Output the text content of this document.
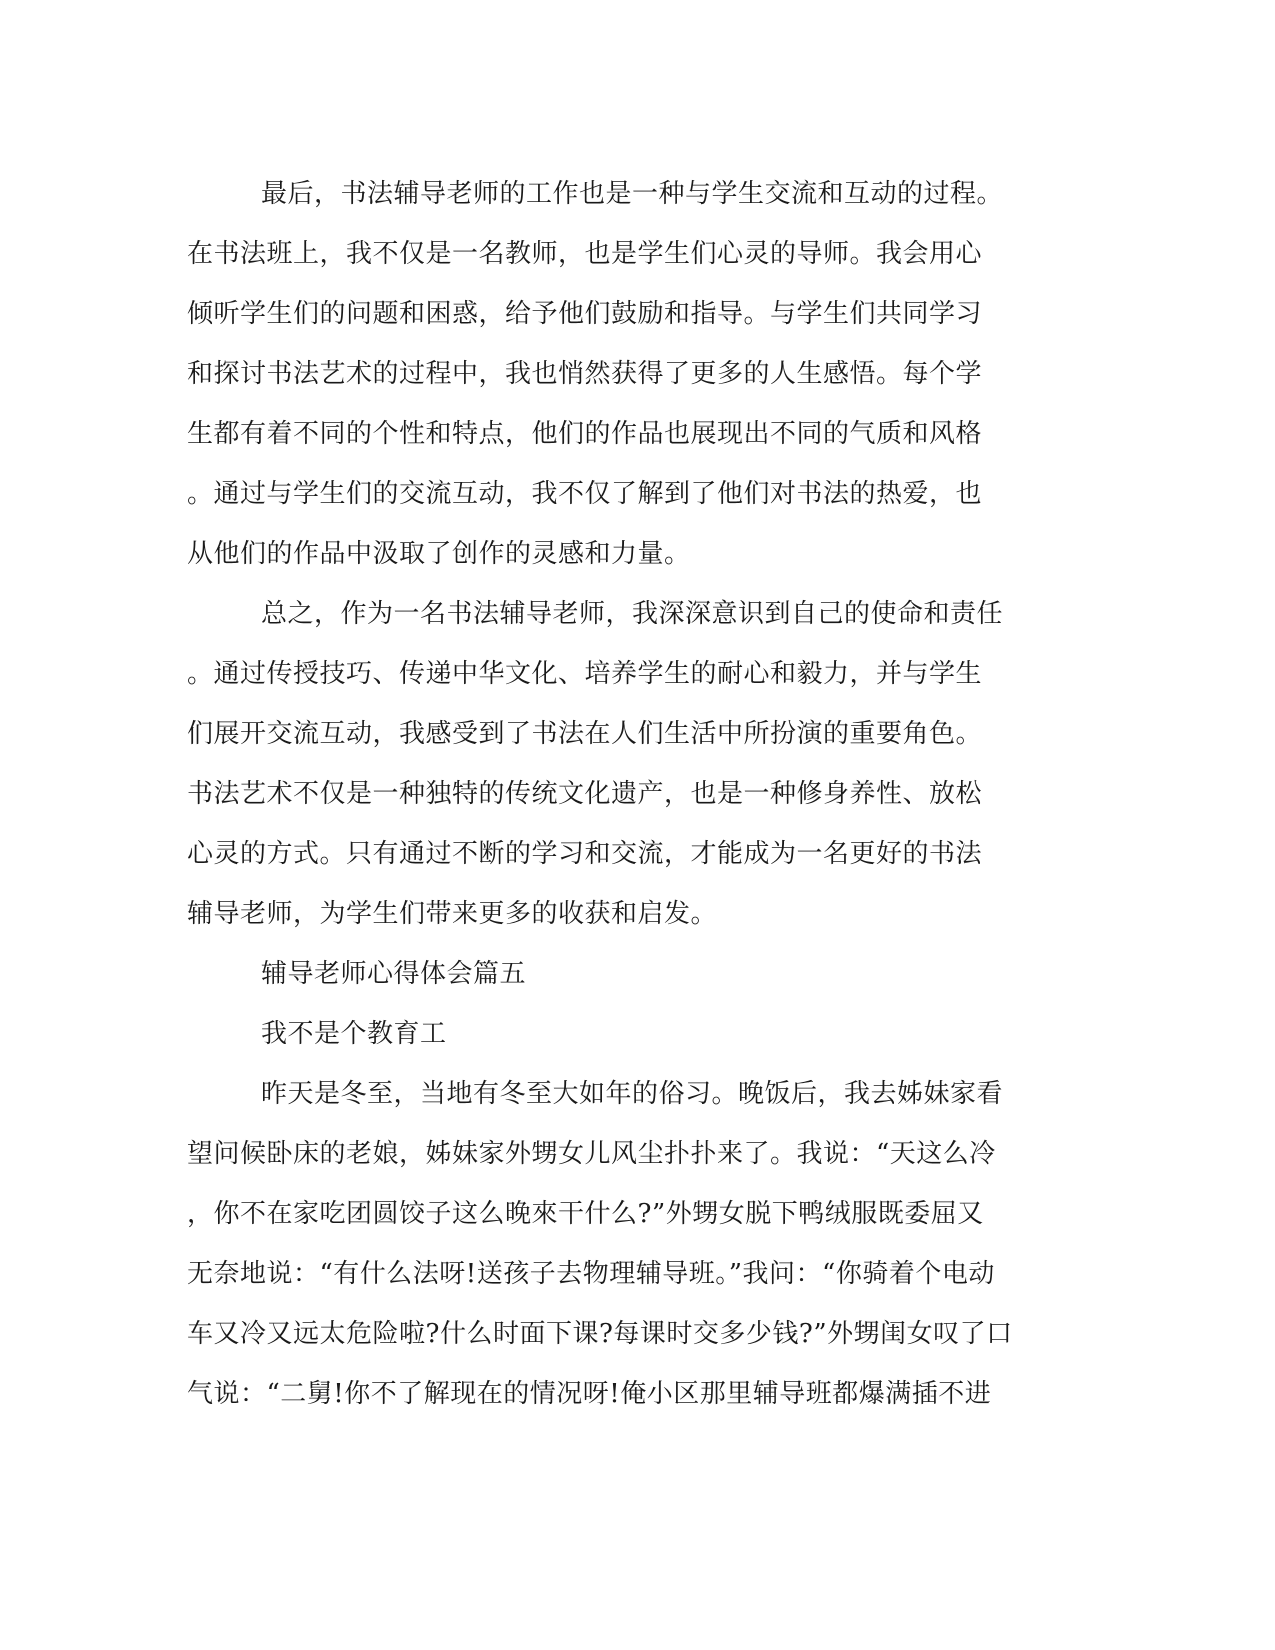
最后，书法辅导老师的工作也是一种与学生交流和互动的过程。
在书法班上，我不仅是一名教师，也是学生们心灵的导师。我会用心
倾听学生们的问题和困惑，给予他们鼓励和指导。与学生们共同学习
和探讨书法艺术的过程中，我也悄然获得了更多的人生感悟。每个学
生都有着不同的个性和特点，他们的作品也展现出不同的气质和风格
。通过与学生们的交流互动，我不仅了解到了他们对书法的热爱，也
从他们的作品中汲取了创作的灵感和力量。
总之，作为一名书法辅导老师，我深深意识到自己的使命和责任
。通过传授技巧、传递中华文化、培养学生的耐心和毅力，并与学生
们展开交流互动，我感受到了书法在人们生活中所扮演的重要角色。
书法艺术不仅是一种独特的传统文化遗产，也是一种修身养性、放松
心灵的方式。只有通过不断的学习和交流，才能成为一名更好的书法
辅导老师，为学生们带来更多的收获和启发。
辅导老师心得体会篇五
我不是个教育工
昨天是冬至，当地有冬至大如年的俗习。晚饭后，我去姊妹家看
望问候卧床的老娘，姊妹家外甥女儿风尘扑扑来了。我说：“天这么冷
，你不在家吃团圆饺子这么晚來干什么?”外甥女脱下鸭绒服既委屈又
无奈地说：“有什么法呀!送孩子去物理辅导班。”我问：“你骑着个电动
车又冷又远太危险啦?什么时面下课?每课时交多少钱?”外甥闺女叹了口
气说：“二舅!你不了解现在的情况呀!俺小区那里辅导班都爆满插不进
